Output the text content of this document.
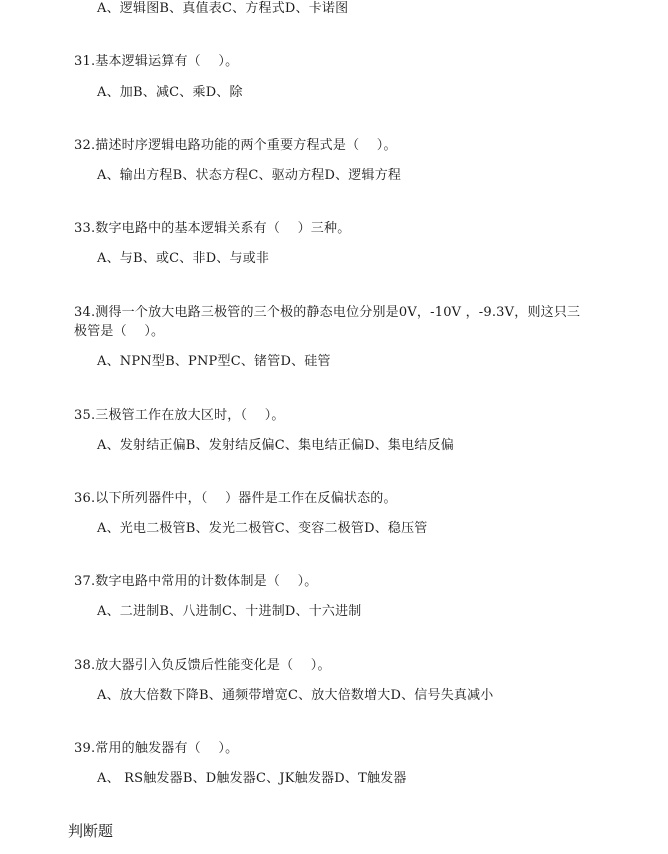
A、逻辑图B、真值表C、方程式D、卡诺图
31.基本逻辑运算有（　 ）。
A、加B、减C、乘D、除
32.描述时序逻辑电路功能的两个重要方程式是（　 ）。
A、输出方程B、状态方程C、驱动方程D、逻辑方程
33.数字电路中的基本逻辑关系有（　 ）三种。
A、与B、或C、非D、与或非
34.测得一个放大电路三极管的三个极的静态电位分别是0V，-10V ，-9.3V，则这只三
极管是（　 ）。
A、NPN型B、PNP型C、锗管D、硅管
35.三极管工作在放大区时，（　 ）。
A、发射结正偏B、发射结反偏C、集电结正偏D、集电结反偏
36.以下所列器件中，（　 ）器件是工作在反偏状态的。
A、光电二极管B、发光二极管C、变容二极管D、稳压管
37.数字电路中常用的计数体制是（　 ）。
A、二进制B、八进制C、十进制D、十六进制
38.放大器引入负反馈后性能变化是（　 ）。
A、放大倍数下降B、通频带增宽C、放大倍数增大D、信号失真减小
39.常用的触发器有（　 ）。
A、 RS触发器B、D触发器C、JK触发器D、T触发器
判断题
